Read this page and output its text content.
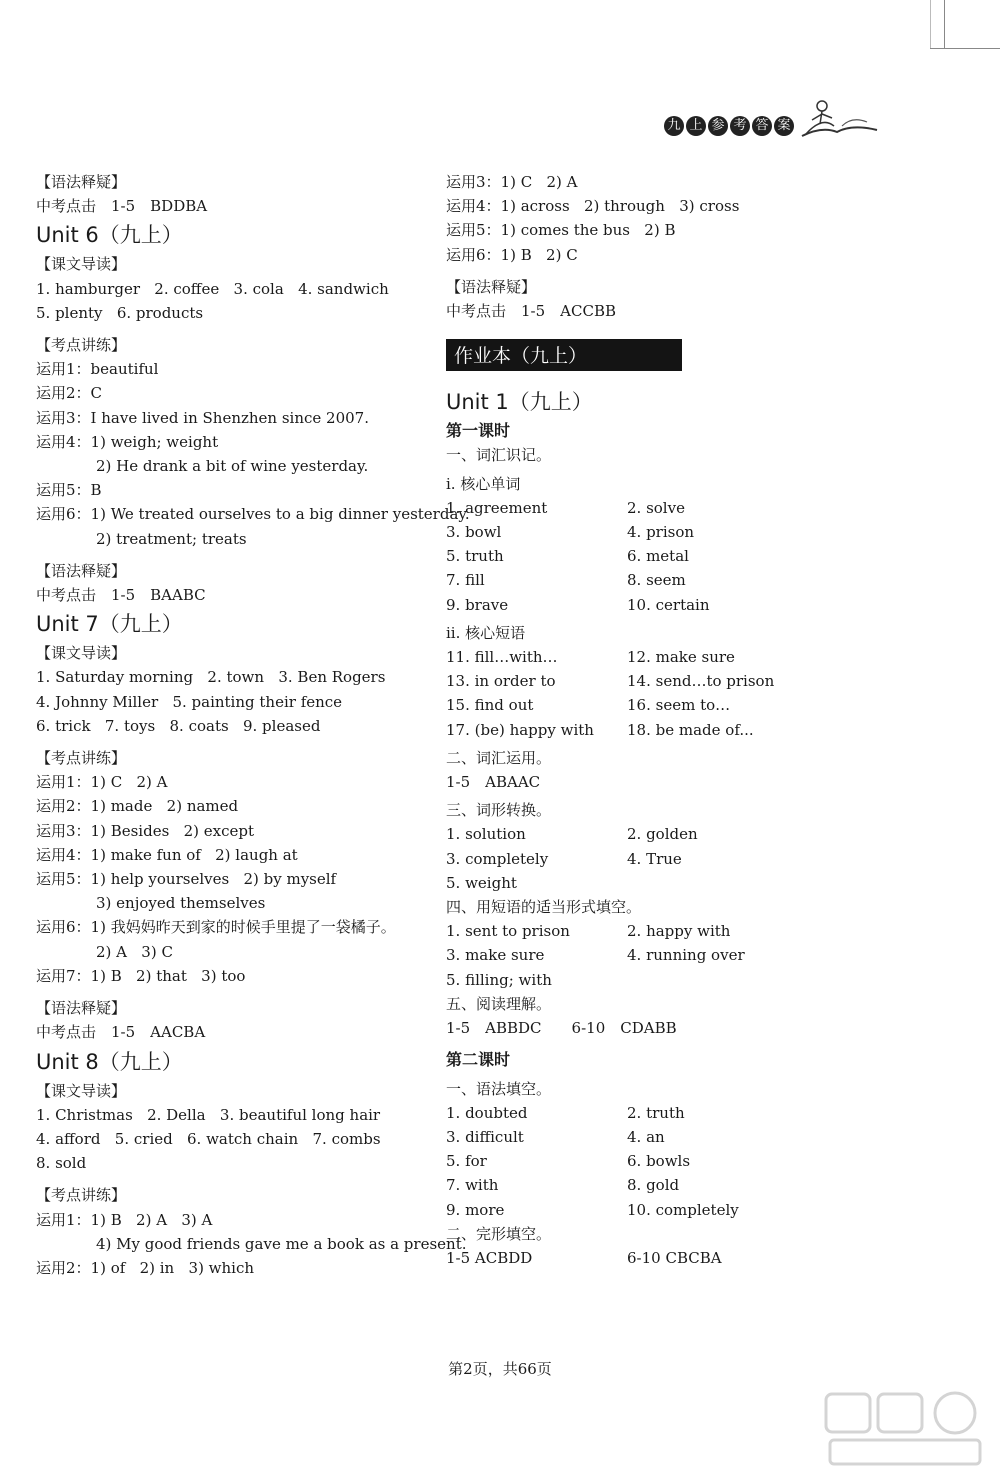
九 上 参 考 答 案
【语法释疑】
中考点击　1-5　BDDBA
Unit 6（九上）
【课文导读】
1. hamburger   2. coffee   3. cola   4. sandwich
5. plenty   6. products
【考点讲练】
运用1：beautiful
运用2：C
运用3：I have lived in Shenzhen since 2007.
运用4：1) weigh; weight
2) He drank a bit of wine yesterday.
运用5：B
运用6：1) We treated ourselves to a big dinner yesterday.
2) treatment; treats
【语法释疑】
中考点击　1-5　BAABC
Unit 7（九上）
【课文导读】
1. Saturday morning   2. town   3. Ben Rogers
4. Johnny Miller   5. painting their fence
6. trick   7. toys   8. coats   9. pleased
【考点讲练】
运用1：1) C   2) A
运用2：1) made   2) named
运用3：1) Besides   2) except
运用4：1) make fun of   2) laugh at
运用5：1) help yourselves   2) by myself
3) enjoyed themselves
运用6：1) 我妈妈昨天到家的时候手里提了一袋橘子。
2) A   3) C
运用7：1) B   2) that   3) too
【语法释疑】
中考点击　1-5　AACBA
Unit 8（九上）
【课文导读】
1. Christmas   2. Della   3. beautiful long hair
4. afford   5. cried   6. watch chain   7. combs
8. sold
【考点讲练】
运用1：1) B   2) A   3) A
4) My good friends gave me a book as a present.
运用2：1) of   2) in   3) which
运用3：1) C   2) A
运用4：1) across   2) through   3) cross
运用5：1) comes the bus   2) B
运用6：1) B   2) C
【语法释疑】
中考点击　1-5　ACCBB
作业本（九上）
Unit 1（九上）
第一课时
一、词汇识记。
i. 核心单词
1. agreement	2. solve
3. bowl	4. prison
5. truth	6. metal
7. fill	8. seem
9. brave	10. certain
ii. 核心短语
11. fill…with…	12. make sure
13. in order to	14. send…to prison
15. find out	16. seem to…
17. (be) happy with	18. be made of...
二、词汇运用。
1-5　ABAAC
三、词形转换。
1. solution	2. golden
3. completely	4. True
5. weight
四、用短语的适当形式填空。
1. sent to prison	2. happy with
3. make sure	4. running over
5. filling; with
五、阅读理解。
1-5　ABBDC　　6-10　CDABB
第二课时
一、语法填空。
1. doubted	2. truth
3. difficult	4. an
5. for	6. bowls
7. with	8. gold
9. more	10. completely
二、完形填空。
1-5 ACBDD	6-10 CBCBA
第2页，共66页
